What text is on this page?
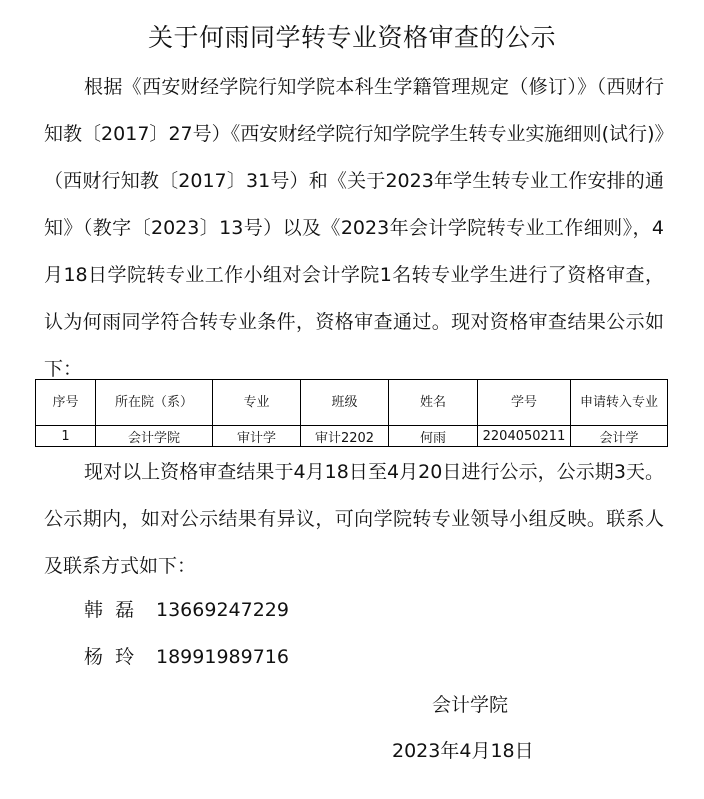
关于何雨同学转专业资格审查的公示

根据《西安财经学院行知学院本科生学籍管理规定（修订）》（西财行知教〔2017〕27号）《西安财经学院行知学院学生转专业实施细则(试行)》（西财行知教〔2017〕31号）和《关于2023年学生转专业工作安排的通知》（教字〔2023〕13号）以及《2023年会计学院转专业工作细则》，4月18日学院转专业工作小组对会计学院1名转专业学生进行了资格审查，认为何雨同学符合转专业条件，资格审查通过。现对资格审查结果公示如下：

序号	所在院（系）	专业	班级	姓名	学号	申请转入专业
1	会计学院	审计学	审计2202	何雨	2204050211	会计学

现对以上资格审查结果于4月18日至4月20日进行公示，公示期3天。公示期内，如对公示结果有异议，可向学院转专业领导小组反映。联系人及联系方式如下：

韩  磊 13669247229
杨  玲 18991989716
会计学院
2023年4月18日
